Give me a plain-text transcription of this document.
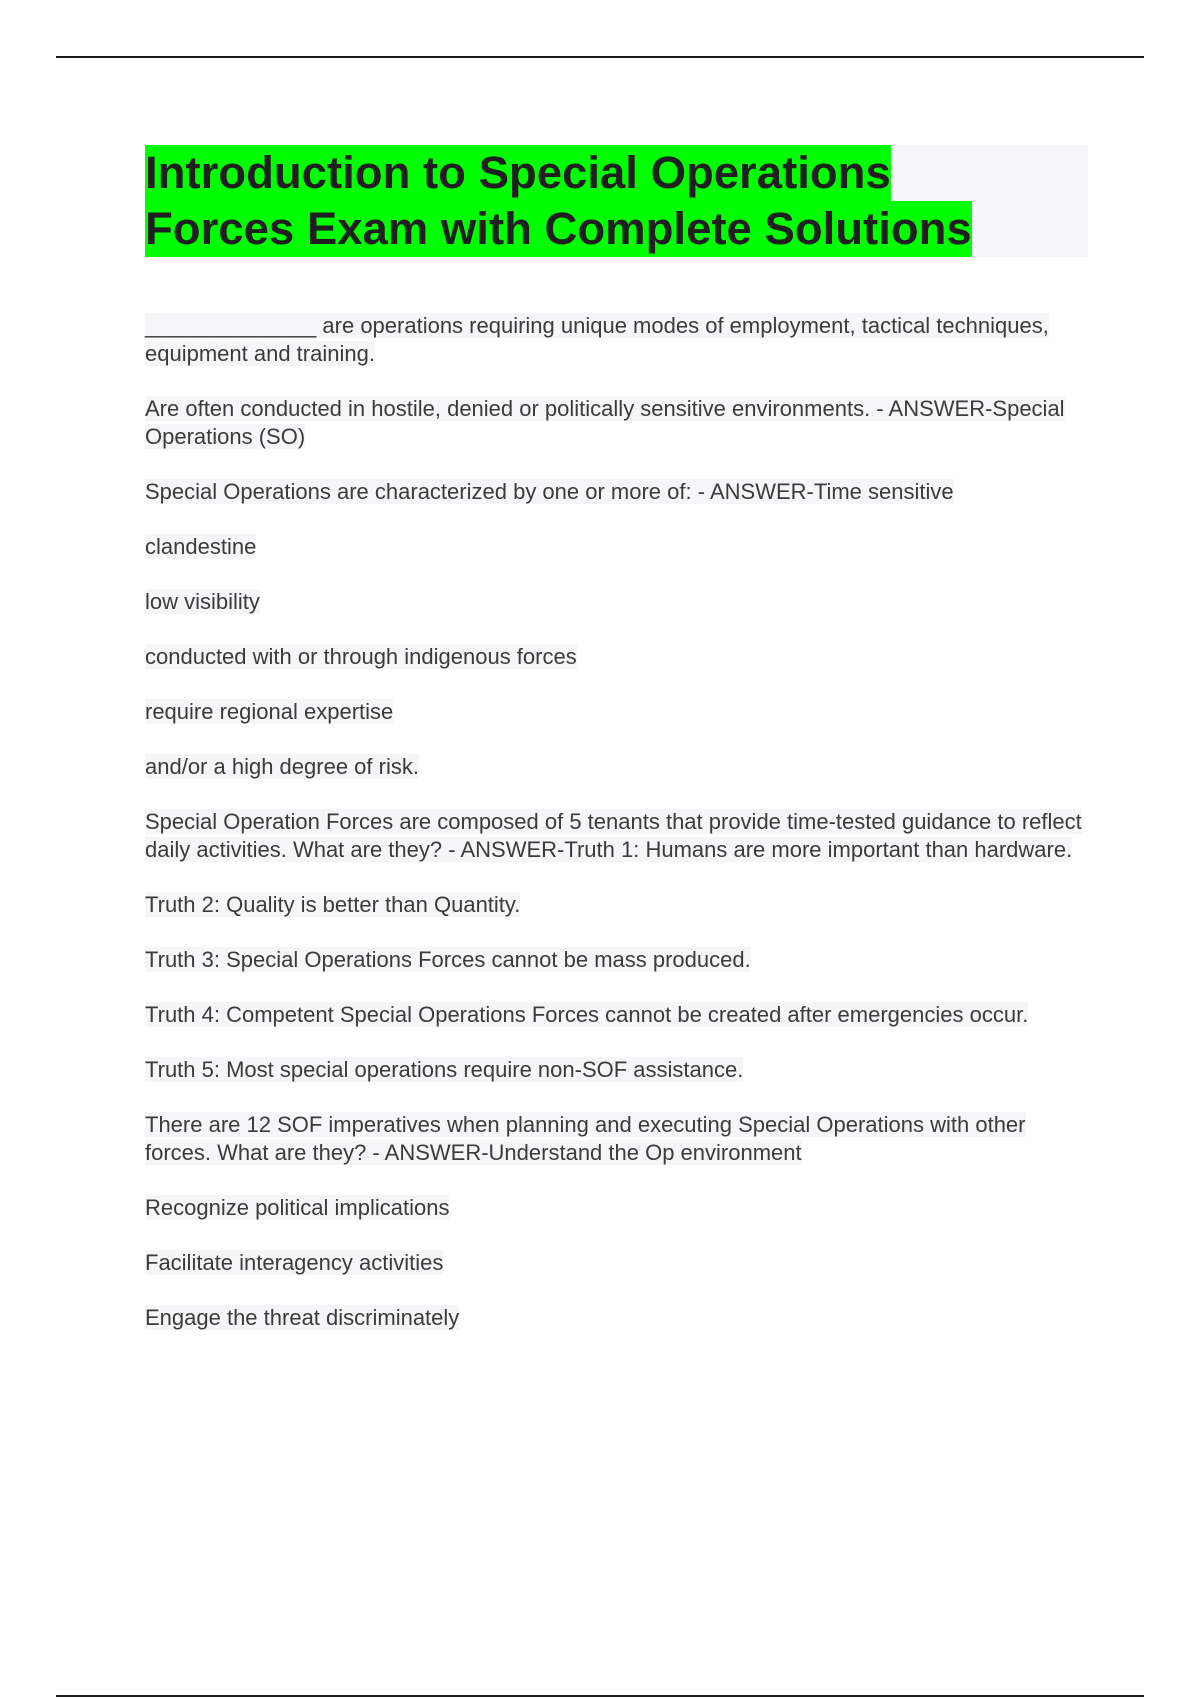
Introduction to Special Operations
Forces Exam with Complete Solutions

______________ are operations requiring unique modes of employment, tactical techniques, equipment and training.

Are often conducted in hostile, denied or politically sensitive environments. - ANSWER-Special Operations (SO)

Special Operations are characterized by one or more of: - ANSWER-Time sensitive

clandestine

low visibility

conducted with or through indigenous forces

require regional expertise

and/or a high degree of risk.

Special Operation Forces are composed of 5 tenants that provide time-tested guidance to reflect daily activities. What are they? - ANSWER-Truth 1: Humans are more important than hardware.

Truth 2: Quality is better than Quantity.

Truth 3: Special Operations Forces cannot be mass produced.

Truth 4: Competent Special Operations Forces cannot be created after emergencies occur.

Truth 5: Most special operations require non-SOF assistance.

There are 12 SOF imperatives when planning and executing Special Operations with other forces. What are they? - ANSWER-Understand the Op environment

Recognize political implications

Facilitate interagency activities

Engage the threat discriminately
